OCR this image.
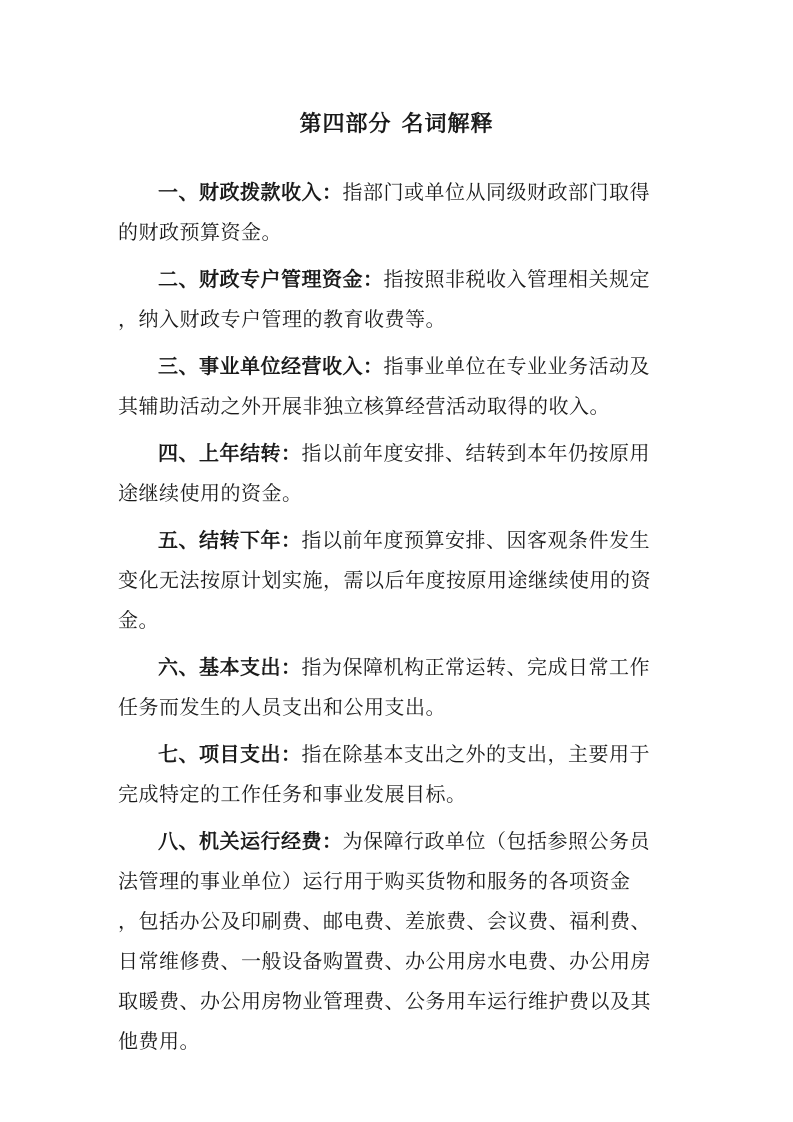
第四部分 名词解释
一、财政拨款收入：指部门或单位从同级财政部门取得
的财政预算资金。
二、财政专户管理资金：指按照非税收入管理相关规定
，纳入财政专户管理的教育收费等。
三、事业单位经营收入：指事业单位在专业业务活动及
其辅助活动之外开展非独立核算经营活动取得的收入。
四、上年结转：指以前年度安排、结转到本年仍按原用
途继续使用的资金。
五、结转下年：指以前年度预算安排、因客观条件发生
变化无法按原计划实施，需以后年度按原用途继续使用的资
金。
六、基本支出：指为保障机构正常运转、完成日常工作
任务而发生的人员支出和公用支出。
七、项目支出：指在除基本支出之外的支出，主要用于
完成特定的工作任务和事业发展目标。
八、机关运行经费：为保障行政单位（包括参照公务员
法管理的事业单位）运行用于购买货物和服务的各项资金
，包括办公及印刷费、邮电费、差旅费、会议费、福利费、
日常维修费、一般设备购置费、办公用房水电费、办公用房
取暖费、办公用房物业管理费、公务用车运行维护费以及其
他费用。
